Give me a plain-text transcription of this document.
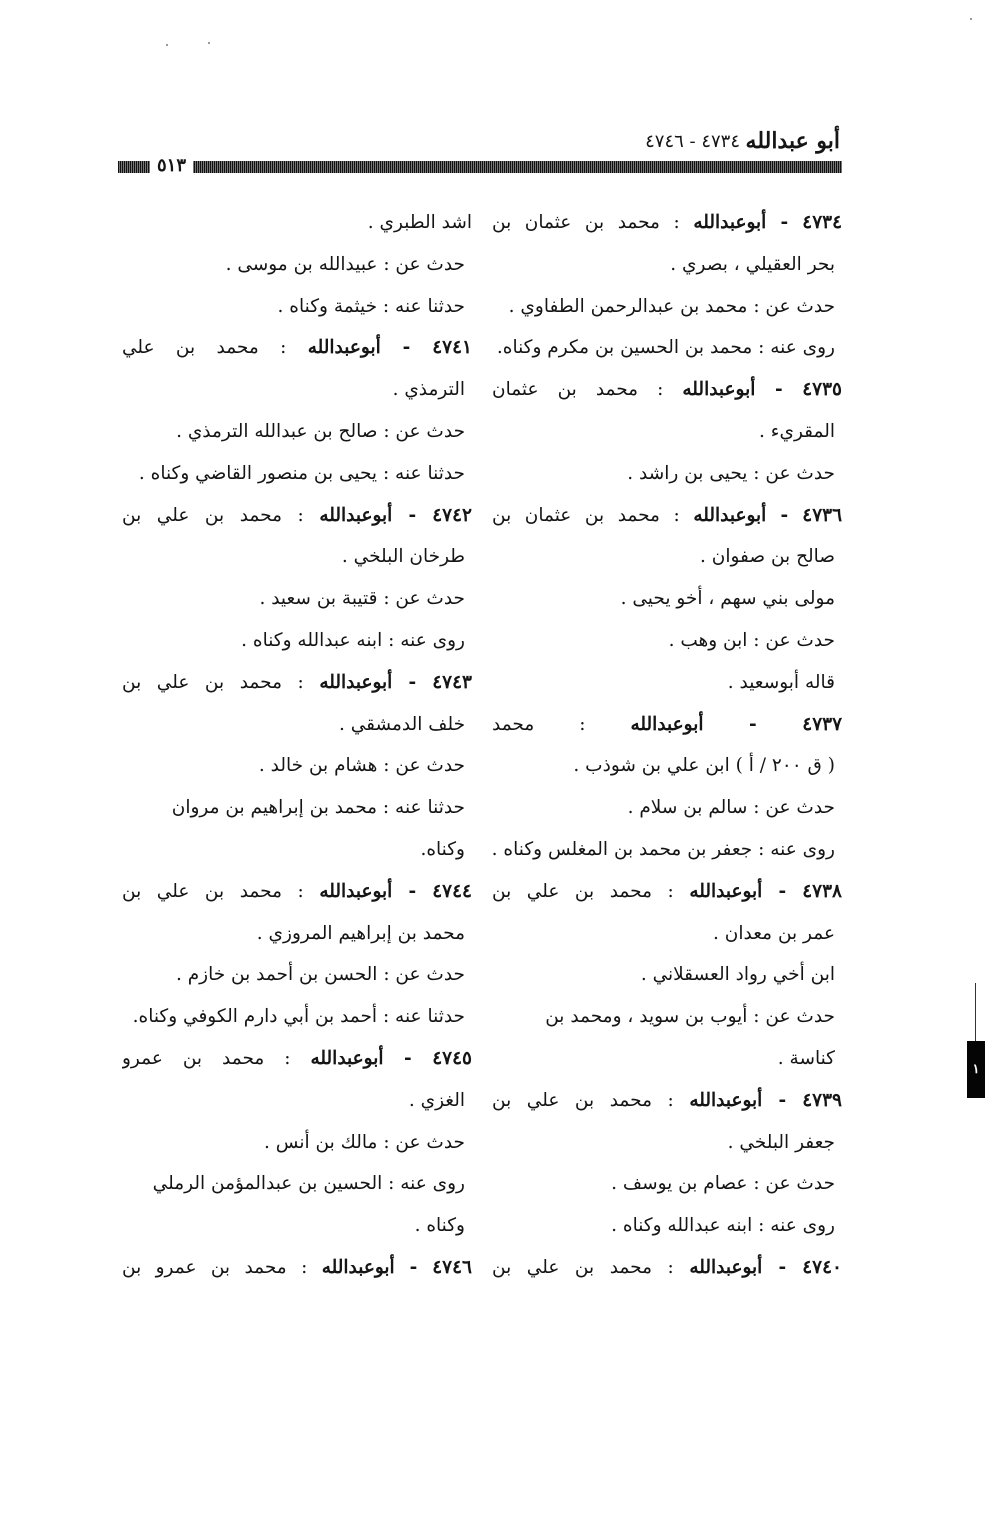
أبو عبدالله
٤٧٣٤ - ٤٧٤٦
٥١٣
٤٧٣٤ - أبوعبدالله : محمد بن عثمان بن
بحر العقيلي ، بصري .
حدث عن : محمد بن عبدالرحمن الطفاوي .
روى عنه : محمد بن الحسين بن مكرم وكناه.
٤٧٣٥ - أبوعبدالله : محمد بن عثمان
المقريء .
حدث عن : يحيى بن راشد .
٤٧٣٦ - أبوعبدالله : محمد بن عثمان بن
صالح بن صفوان .
مولى بني سهم ، أخو يحيى .
حدث عن : ابن وهب .
قاله أبوسعيد .
٤٧٣٧ - أبوعبدالله : محمد
( ق ٢٠٠ / أ ) ابن علي بن شوذب .
حدث عن : سالم بن سلام .
روى عنه : جعفر بن محمد بن المغلس وكناه .
٤٧٣٨ - أبوعبدالله : محمد بن علي بن
عمر بن معدان .
ابن أخي رواد العسقلاني .
حدث عن : أيوب بن سويد ، ومحمد بن
كناسة .
٤٧٣٩ - أبوعبدالله : محمد بن علي بن
جعفر البلخي .
حدث عن : عصام بن يوسف .
روى عنه : ابنه عبدالله وكناه .
٤٧٤٠ - أبوعبدالله : محمد بن علي بن
اشد الطبري .
حدث عن : عبيدالله بن موسى .
حدثنا عنه : خيثمة وكناه .
٤٧٤١ - أبوعبدالله : محمد بن علي
الترمذي .
حدث عن : صالح بن عبدالله الترمذي .
حدثنا عنه : يحيى بن منصور القاضي وكناه .
٤٧٤٢ - أبوعبدالله : محمد بن علي بن
طرخان البلخي .
حدث عن : قتيبة بن سعيد .
روى عنه : ابنه عبدالله وكناه .
٤٧٤٣ - أبوعبدالله : محمد بن علي بن
خلف الدمشقي .
حدث عن : هشام بن خالد .
حدثنا عنه : محمد بن إبراهيم بن مروان
وكناه.
٤٧٤٤ - أبوعبدالله : محمد بن علي بن
محمد بن إبراهيم المروزي .
حدث عن : الحسن بن أحمد بن خازم .
حدثنا عنه : أحمد بن أبي دارم الكوفي وكناه.
٤٧٤٥ - أبوعبدالله : محمد بن عمرو
الغزي .
حدث عن : مالك بن أنس .
روى عنه : الحسين بن عبدالمؤمن الرملي
وكناه .
٤٧٤٦ - أبوعبدالله : محمد بن عمرو بن
١
